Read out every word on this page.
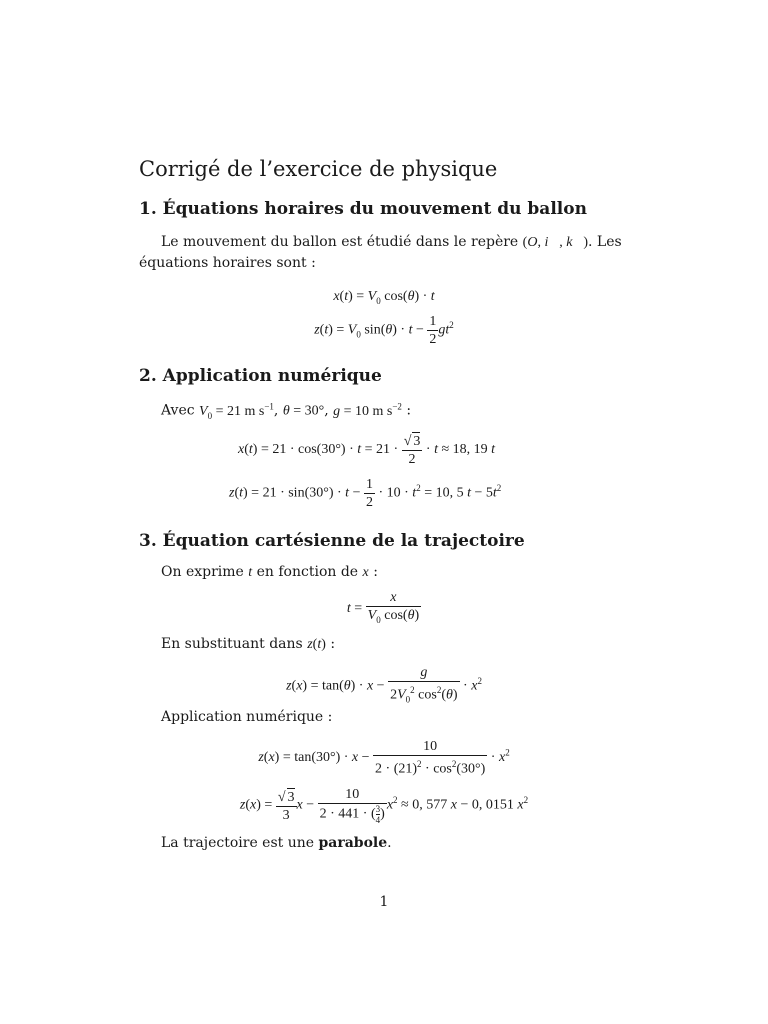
Corrigé de l’exercice de physique
1. Équations horaires du mouvement du ballon
Le mouvement du ballon est étudié dans le repère (O, i⃗, k⃗). Les équations horaires sont :
$x(t) = V_0$ cos(θ) · t
$z(t) = V_0$ $\sin(\theta) \cdot t - \frac{1}{2} gt^2$
2. Application numérique
Avec $V_0 = 21$ m $s^{-1}$, θ = 30°, g = 10 m $s^{-2}$ :
$x(t) = 21 \cdot \cos(30^\circ) \cdot t = 21 \cdot \frac{√ 3}{2} \cdot t \approx 18$, 19 t
$z(t) = 21 \cdot \sin(30^\circ) \cdot t - \frac{1}{2} \cdot 10 \cdot t^2 = 10$, 5 $t - 5t^2$
3. Équation cartésienne de la trajectoire
On exprime t en fonction de x :
$t = \frac{x}{V_0 \cos(\theta)}$
En substituant dans z(t) :
$z(x) = \tan(\theta) \cdot x - \frac{g}{2V_0^2 \cos^2(\theta)} \cdot x^2$
Application numérique :
$z(x) = \tan(30^\circ) \cdot x - \frac{10}{2 \cdot (21)^2 \cdot \cos^2(30^\circ)} \cdot x^2$
$z(x) = \frac{√ 3}{3}$ $x - \frac{10}{2 \cdot 441 \cdot ( \frac{3}{4} )} x^2 \approx 0$, 577 x − 0, 0151 $x^2$
La trajectoire est une parabole.
1
